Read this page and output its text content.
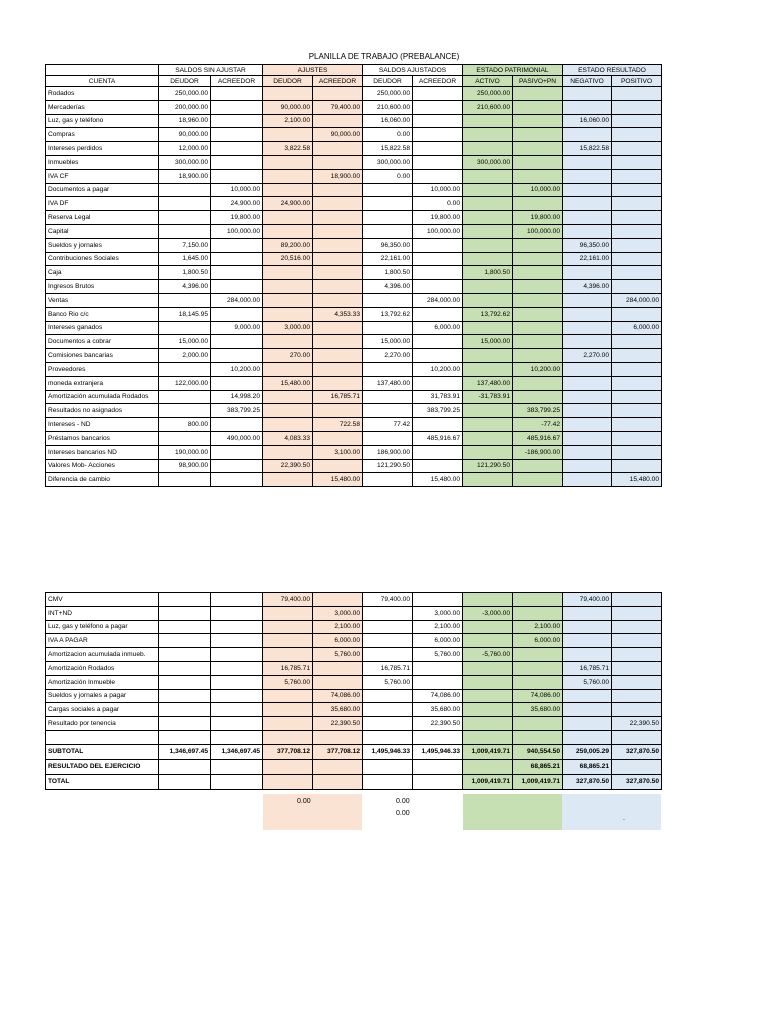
PLANILLA DE TRABAJO (PREBALANCE)
	SALDOS SIN AJUSTAR		AJUSTES		SALDOS AJUSTADOS		ESTADO PATRIMONIAL		ESTADO RESULTADO	
CUENTA	DEUDOR	ACREEDOR	DEUDOR	ACREEDOR	DEUDOR	ACREEDOR	ACTIVO	PASIVO+PN	NEGATIVO	POSITIVO
Rodados	250,000.00				250,000.00		250,000.00			
Mercaderías	200,000.00		90,000.00	79,400.00	210,600.00		210,600.00			
Luz, gas y teléfono	18,960.00		2,100.00		16,060.00				16,060.00	
Compras	90,000.00			90,000.00	0.00					
Intereses perdidos	12,000.00		3,822.58		15,822.58				15,822.58	
Inmuebles	300,000.00				300,000.00		300,000.00			
IVA CF	18,900.00			18,900.00	0.00					
Documentos a pagar		10,000.00				10,000.00		10,000.00		
IVA DF		24,900.00	24,900.00			0.00				
Reserva Legal		19,800.00				19,800.00		19,800.00		
Capital		100,000.00				100,000.00		100,000.00		
Sueldos y jornales	7,150.00		89,200.00		96,350.00				96,350.00	
Contribuciones Sociales	1,645.00		20,516.00		22,161.00				22,161.00	
Caja	1,800.50				1,800.50		1,800.50			
Ingresos Brutos	4,396.00				4,396.00				4,396.00	
Ventas		284,000.00				284,000.00				284,000.00
Banco Rio c/c	18,145.95			4,353.33	13,792.62		13,792.62			
Intereses ganados		9,000.00	3,000.00			6,000.00				6,000.00
Documentos a cobrar	15,000.00				15,000.00		15,000.00			
Comisiones bancarias	2,000.00		270.00		2,270.00				2,270.00	
Proveedores		10,200.00				10,200.00		10,200.00		
moneda extranjera	122,000.00		15,480.00		137,480.00		137,480.00			
Amortización acumulada Rodados		14,998.20		16,785.71		31,783.91	-31,783.91			
Resultados no asignados		383,799.25				383,799.25		383,799.25		
Intereses - ND	800.00			722.58	77.42			-77.42		
Préstamos bancarios		490,000.00	4,083.33			485,916.67		485,916.67		
Intereses bancarios ND	190,000.00			3,100.00	186,900.00			-186,900.00		
Valores Mob- Acciones	98,900.00		22,390.50		121,290.50		121,290.50			
Diferencia de cambio				15,480.00		15,480.00				15,480.00
CMV			79,400.00		79,400.00				79,400.00	
INT+ND				3,000.00		3,000.00	-3,000.00			
Luz, gas y teléfono a pagar				2,100.00		2,100.00		2,100.00		
IVA A PAGAR				6,000.00		6,000.00		6,000.00		
Amortizacion acumulada inmueb.				5,760.00		5,760.00	-5,760.00			
Amortización Rodados			16,785.71		16,785.71				16,785.71	
Amortización Inmueble			5,760.00		5,760.00				5,760.00	
Sueldos y jornales a pagar				74,086.00		74,086.00		74,086.00		
Cargas sociales a pagar				35,680.00		35,680.00		35,680.00		
Resultado por tenencia				22,390.50		22,390.50				22,390.50

SUBTOTAL	1,346,697.45	1,346,697.45	377,708.12	377,708.12	1,495,946.33	1,495,946.33	1,009,419.71	940,554.50	259,005.29	327,870.50
RESULTADO DEL EJERCICIO								68,865.21	68,865.21	
TOTAL							1,009,419.71	1,009,419.71	327,870.50	327,870.50
0.00	0.00
0.00
.
